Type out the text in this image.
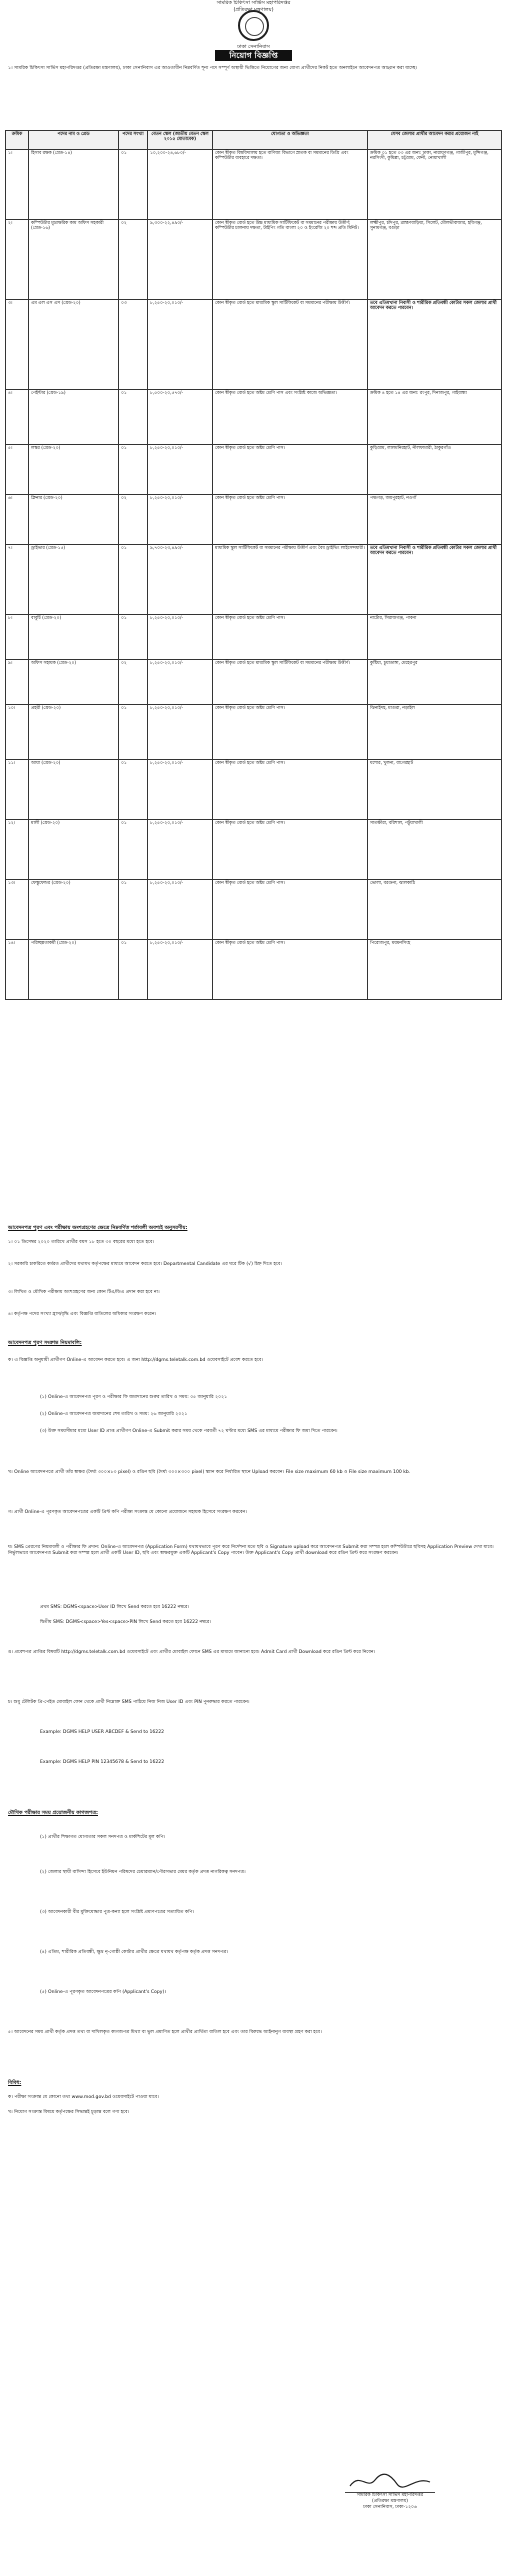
সামরিক চিকিৎসা সার্ভিস মহাপরিদপ্তর
(প্রতিরক্ষা মন্ত্রণালয়)
ঢাকা সেনানিবাস
নিয়োগ বিজ্ঞপ্তি
১। সামরিক চিকিৎসা সার্ভিস মহাপরিদপ্তর (প্রতিরক্ষা মন্ত্রণালয়), ঢাকা সেনানিবাস এর আওতাধীন নিম্নবর্ণিত শূন্য পদে সম্পূর্ণ অস্থায়ী ভিত্তিতে নিয়োগের জন্য যোগ্য প্রার্থীদের নিকট হতে অনলাইনে আবেদনপত্র আহ্বান করা যাচ্ছে।
ক্রমিক	পদের নাম ও গ্রেড	পদের সংখ্যা	বেতন স্কেল (জাতীয় বেতন স্কেল ২০১৫ মোতাবেক)	যোগ্যতা ও অভিজ্ঞতা	যেসব জেলার প্রার্থীর আবেদন করার প্রয়োজন নাই
১।	হিসাব রক্ষক (গ্রেড-১৪)	০১	১০,২০০-২৪,৬৮০/-	কোন স্বীকৃত বিশ্ববিদ্যালয় হতে বাণিজ্য বিভাগে স্নাতক বা সমমানের ডিগ্রি এবং কম্পিউটার ব্যবহারে দক্ষতা।	ক্রমিক ০১ হতে ০৩ এর জন্য: ঢাকা, নারায়ণগঞ্জ, গাজীপুর, মুন্সিগঞ্জ, নরসিংদী, কুমিল্লা, চট্টগ্রাম, ফেনী, নোয়াখালী
২।	কম্পিউটার মুদ্রাক্ষরিক কাম অফিস সহকারী (গ্রেড-১৬)	০২	৯,৩০০-২২,৪৯০/-	কোন স্বীকৃত বোর্ড হতে উচ্চ মাধ্যমিক সার্টিফিকেট বা সমমানের পরীক্ষায় উত্তীর্ণ; কম্পিউটার চালনায় দক্ষতা, টাইপিং গতি বাংলা ২০ ও ইংরেজি ২০ শব্দ প্রতি মিনিট।	লক্ষ্মীপুর, চাঁদপুর, ব্রাহ্মণবাড়িয়া, সিলেট, মৌলভীবাজার, হবিগঞ্জ, সুনামগঞ্জ, বগুড়া
৩।	এম এল এস এস (গ্রেড-২০)	০৩	৮,২৫০-২০,০১০/-	কোন স্বীকৃত বোর্ড হতে মাধ্যমিক স্কুল সার্টিফিকেট বা সমমানের পরীক্ষায় উত্তীর্ণ।	তবে এতিমখানা নিবাসী ও শারীরিক প্রতিবন্ধী কোটার সকল জেলার প্রার্থী আবেদন করতে পারবেন।
৪।	পেইন্টার (গ্রেড-১৯)	০১	৮,৫০০-২০,৫৭০/-	কোন স্বীকৃত বোর্ড হতে অষ্টম শ্রেণি পাস এবং সংশ্লিষ্ট কাজে অভিজ্ঞতা।	ক্রমিক ৪ হতে ১৪ এর জন্য: রংপুর, দিনাজপুর, গাইবান্ধা
৫।	লস্কর (গ্রেড-২০)	০১	৮,২৫০-২০,০১০/-	কোন স্বীকৃত বোর্ড হতে অষ্টম শ্রেণি পাস।	কুড়িগ্রাম, লালমনিরহাট, নীলফামারী, ঠাকুরগাঁও
৬।	ক্লিনার (গ্রেড-২০)	০২	৮,২৫০-২০,০১০/-	কোন স্বীকৃত বোর্ড হতে অষ্টম শ্রেণি পাস।	পঞ্চগড়, জয়পুরহাট, নওগাঁ
৭।	ড্রাইভার (গ্রেড-১৫)	০১	৯,৭০০-২৩,৪৯০/-	মাধ্যমিক স্কুল সার্টিফিকেট বা সমমানের পরীক্ষায় উত্তীর্ণ এবং বৈধ ড্রাইভিং লাইসেন্সধারী।	তবে এতিমখানা নিবাসী ও শারীরিক প্রতিবন্ধী কোটার সকল জেলার প্রার্থী আবেদন করতে পারবেন।
৮।	বাবুর্চি (গ্রেড-২০)	০১	৮,২৫০-২০,০১০/-	কোন স্বীকৃত বোর্ড হতে অষ্টম শ্রেণি পাস।	নাটোর, সিরাজগঞ্জ, পাবনা
৯।	অফিস সহায়ক (গ্রেড-২০)	০২	৮,২৫০-২০,০১০/-	কোন স্বীকৃত বোর্ড হতে মাধ্যমিক স্কুল সার্টিফিকেট বা সমমানের পরীক্ষায় উত্তীর্ণ।	কুষ্টিয়া, চুয়াডাঙ্গা, মেহেরপুর
১০।	প্রহরী (গ্রেড-২০)	০১	৮,২৫০-২০,০১০/-	কোন স্বীকৃত বোর্ড হতে অষ্টম শ্রেণি পাস।	ঝিনাইদহ, মাগুরা, নড়াইল
১১।	আয়া (গ্রেড-২০)	০১	৮,২৫০-২০,০১০/-	কোন স্বীকৃত বোর্ড হতে অষ্টম শ্রেণি পাস।	যশোর, খুলনা, বাগেরহাট
১২।	মালী (গ্রেড-২০)	০১	৮,২৫০-২০,০১০/-	কোন স্বীকৃত বোর্ড হতে অষ্টম শ্রেণি পাস।	সাতক্ষীরা, বরিশাল, পটুয়াখালী
১৩।	ফেস্কুফেন্ডর (গ্রেড-২০)	০১	৮,২৫০-২০,০১০/-	কোন স্বীকৃত বোর্ড হতে অষ্টম শ্রেণি পাস।	ভোলা, বরগুনা, ঝালকাঠি
১৪।	পরিচ্ছন্নতাকর্মী (গ্রেড-২০)	০১	৮,২৫০-২০,০১০/-	কোন স্বীকৃত বোর্ড হতে অষ্টম শ্রেণি পাস।	পিরোজপুর, ময়মনসিংহ
আবেদনপত্র পূরণ এবং পরীক্ষায় অংশগ্রহণের ক্ষেত্রে নিম্নবর্ণিত শর্তাবলী অবশ্যই অনুসরণীয়:
১। ০১ ডিসেম্বর ২০২০ তারিখে প্রার্থীর বয়স ১৮ হতে ৩০ বছরের মধ্যে হতে হবে।
২। সরকারি চাকরিতে কর্মরত প্রার্থীদের যথাযথ কর্তৃপক্ষের মাধ্যমে আবেদন করতে হবে। Departmental Candidate এর ঘরে টিক (√) চিহ্ন দিতে হবে।
৩। লিখিত ও মৌখিক পরীক্ষায় অংশগ্রহণের জন্য কোন টিএ/ডিএ প্রদান করা হবে না।
৪। কর্তৃপক্ষ পদের সংখ্যা হ্রাস/বৃদ্ধি এবং বিজ্ঞপ্তি বাতিলের অধিকার সংরক্ষণ করেন।
আবেদনপত্র পূরণ সংক্রান্ত নিয়মাবলি:
ক। এ বিজ্ঞপ্তি অনুযায়ী প্রার্থীগণ Online-এ আবেদন করতে হবে। এ জন্য http://dgms.teletalk.com.bd ওয়েবসাইটে প্রবেশ করতে হবে।
(১) Online-এ আবেদনপত্র পূরণ ও পরীক্ষার ফি জমাদানের শুরুর তারিখ ও সময়: ০৫ জানুয়ারি ২০২১
(২) Online-এ আবেদনপত্র জমাদানের শেষ তারিখ ও সময়: ২৬ জানুয়ারি ২০২১
(৩) উক্ত সময়সীমার মধ্যে User ID প্রাপ্ত প্রার্থীগণ Online-এ Submit করার সময় থেকে পরবর্তী ৭২ ঘণ্টার মধ্যে SMS এর মাধ্যমে পরীক্ষার ফি জমা দিতে পারবেন।
খ। Online আবেদনপত্রে প্রার্থী তাঁর স্বাক্ষর (দৈর্ঘ্য ৩০০×৮০ pixel) ও রঙিন ছবি (দৈর্ঘ্য ৩০০×৩০০ pixel) স্ক্যান করে নির্ধারিত স্থানে Upload করবেন। File size maximum 60 kb ও File size maximum 100 kb.
গ। প্রার্থী Online-এ পূরণকৃত আবেদনপত্রের একটি প্রিন্ট কপি পরীক্ষা সংক্রান্ত যে কোনো প্রয়োজনে সহায়ক হিসেবে সংরক্ষণ করবেন।
ঘ। SMS প্রেরণের নিয়মাবলী ও পরীক্ষার ফি প্রদান: Online-এ আবেদনপত্র (Application Form) যথাযথভাবে পূরণ করে নির্দেশনা মতে ছবি ও Signature upload করে আবেদনপত্র Submit করা সম্পন্ন হলে কম্পিউটারে ছবিসহ Application Preview দেখা যাবে। নির্ভুলভাবে আবেদনপত্র Submit করা সম্পন্ন হলে প্রার্থী একটি User ID, ছবি এবং স্বাক্ষরযুক্ত একটি Applicant's Copy পাবেন। উক্ত Applicant's Copy প্রার্থী download করে রঙিন প্রিন্ট করে সংরক্ষণ করবেন।
প্রথম SMS: DGMS<space>User ID লিখে Send করতে হবে 16222 নম্বরে।
দ্বিতীয় SMS: DGMS<space>Yes<space>PIN লিখে Send করতে হবে 16222 নম্বরে।
ঙ। প্রবেশপত্র প্রাপ্তির বিষয়টি http://dgms.teletalk.com.bd ওয়েবসাইটে এবং প্রার্থীর মোবাইল ফোনে SMS এর মাধ্যমে জানানো হবে। Admit Card প্রার্থী Download করে রঙিন প্রিন্ট করে নিবেন।
চ। শুধু টেলিটক প্রি-পেইড মোবাইল ফোন থেকে প্রার্থী নিম্নোক্ত SMS পাঠিয়ে নিজ নিজ User ID এবং PIN পুনরুদ্ধার করতে পারবেন।
Example: DGMS HELP USER ABCDEF & Send to 16222
Example: DGMS HELP PIN 12345678 & Send to 16222
মৌখিক পরীক্ষার সময় প্রয়োজনীয় কাগজপত্র:
(১) প্রার্থীর শিক্ষাগত যোগ্যতার সকল সনদপত্র ও মার্কশিটের মূল কপি।
(২) জেলার স্থায়ী বাসিন্দা হিসেবে ইউনিয়ন পরিষদের চেয়ারম্যান/পৌরসভার মেয়র কর্তৃক প্রদত্ত নাগরিকত্ব সনদপত্র।
(৩) আবেদনকারী বীর মুক্তিযোদ্ধার পুত্র-কন্যা হলে সংশ্লিষ্ট প্রমাণপত্রের সত্যায়িত কপি।
(৪) এতিম, শারীরিক প্রতিবন্ধী, ক্ষুদ্র নৃ-গোষ্ঠী কোটার প্রার্থীর ক্ষেত্রে যথাযথ কর্তৃপক্ষ কর্তৃক প্রদত্ত সনদপত্র।
(৫) Online-এ পূরণকৃত আবেদনপত্রের কপি (Applicant's Copy)।
৫। আবেদনের সময় প্রার্থী কর্তৃক প্রদত্ত তথ্য বা দাখিলকৃত কাগজপত্র মিথ্যা বা ভুল প্রমাণিত হলে প্রার্থীর প্রার্থিতা বাতিল হবে এবং তার বিরুদ্ধে আইনানুগ ব্যবস্থা গ্রহণ করা হবে।
বিবিধ:
ক। পরীক্ষা সংক্রান্ত যে কোনো তথ্য www.mod.gov.bd ওয়েবসাইটে পাওয়া যাবে।
খ। নিয়োগ সংক্রান্ত বিষয়ে কর্তৃপক্ষের সিদ্ধান্তই চূড়ান্ত বলে গণ্য হবে।
সামরিক চিকিৎসা সার্ভিস মহাপরিদপ্তর
(প্রতিরক্ষা মন্ত্রণালয়)
ঢাকা সেনানিবাস, ঢাকা-১২০৬
